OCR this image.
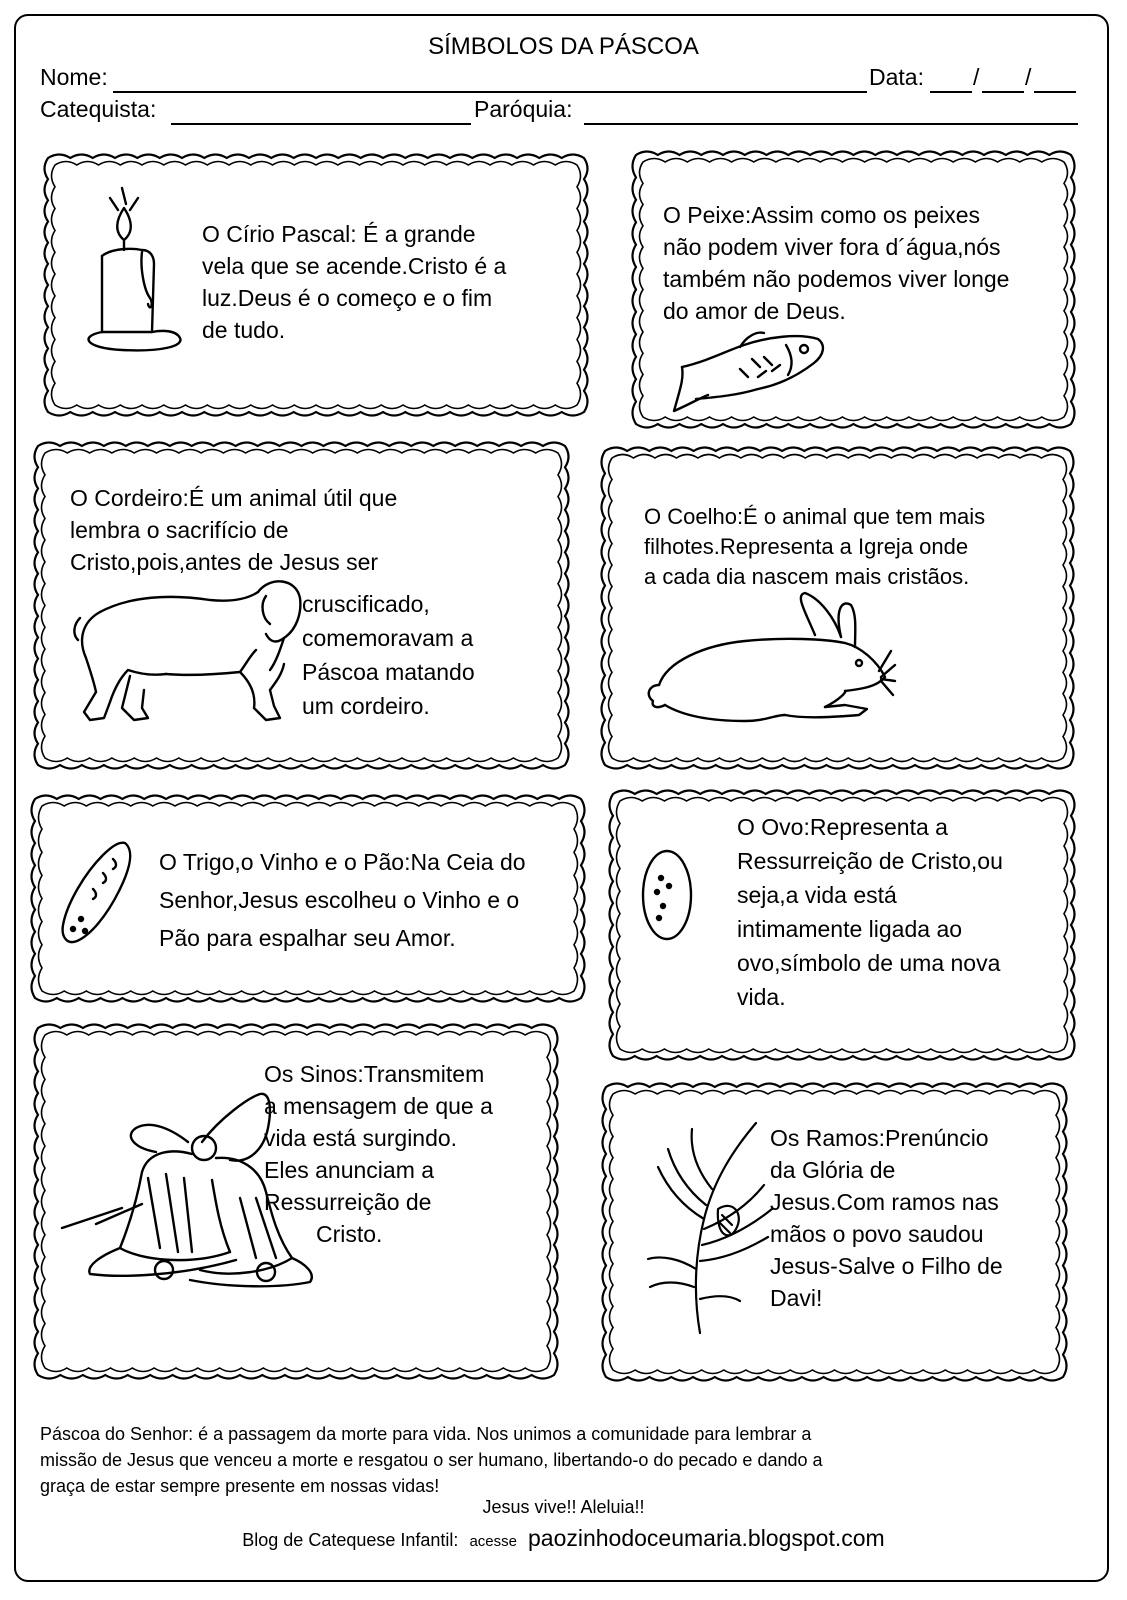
SÍMBOLOS DA PÁSCOA
Nome:	Data: / /
Catequista:	Paróquia:
O Círio Pascal: É a grande
vela que se acende.Cristo é a
luz.Deus é o começo e o fim
de tudo.
O Peixe:Assim como os peixes
não podem viver fora d´água,nós
também não podemos viver longe
do amor de Deus.
O Cordeiro:É um animal útil que
lembra o sacrifício de
Cristo,pois,antes de Jesus ser
cruscificado,
comemoravam a
Páscoa matando
um cordeiro.
O Coelho:É o animal que tem mais
filhotes.Representa a Igreja onde
a cada dia nascem mais cristãos.
O Trigo,o Vinho e o Pão:Na Ceia do
Senhor,Jesus escolheu o Vinho e o
Pão para espalhar seu Amor.
O Ovo:Representa a
Ressurreição de Cristo,ou
seja,a vida está
intimamente ligada ao
ovo,símbolo de uma nova
vida.
Os Sinos:Transmitem
a mensagem de que a
vida está surgindo.
Eles anunciam a
Ressurreição de
Cristo.
Os Ramos:Prenúncio
da Glória de
Jesus.Com ramos nas
mãos o povo saudou
Jesus-Salve o Filho de
Davi!
Páscoa do Senhor: é a passagem da morte para vida. Nos unimos a comunidade para lembrar a
missão de Jesus que venceu a morte e resgatou o ser humano, libertando-o do pecado e dando a
graça de estar sempre presente em nossas vidas!
Jesus vive!! Aleluia!!
Blog de Catequese Infantil: acesse paozinhodoceumaria.blogspot.com
